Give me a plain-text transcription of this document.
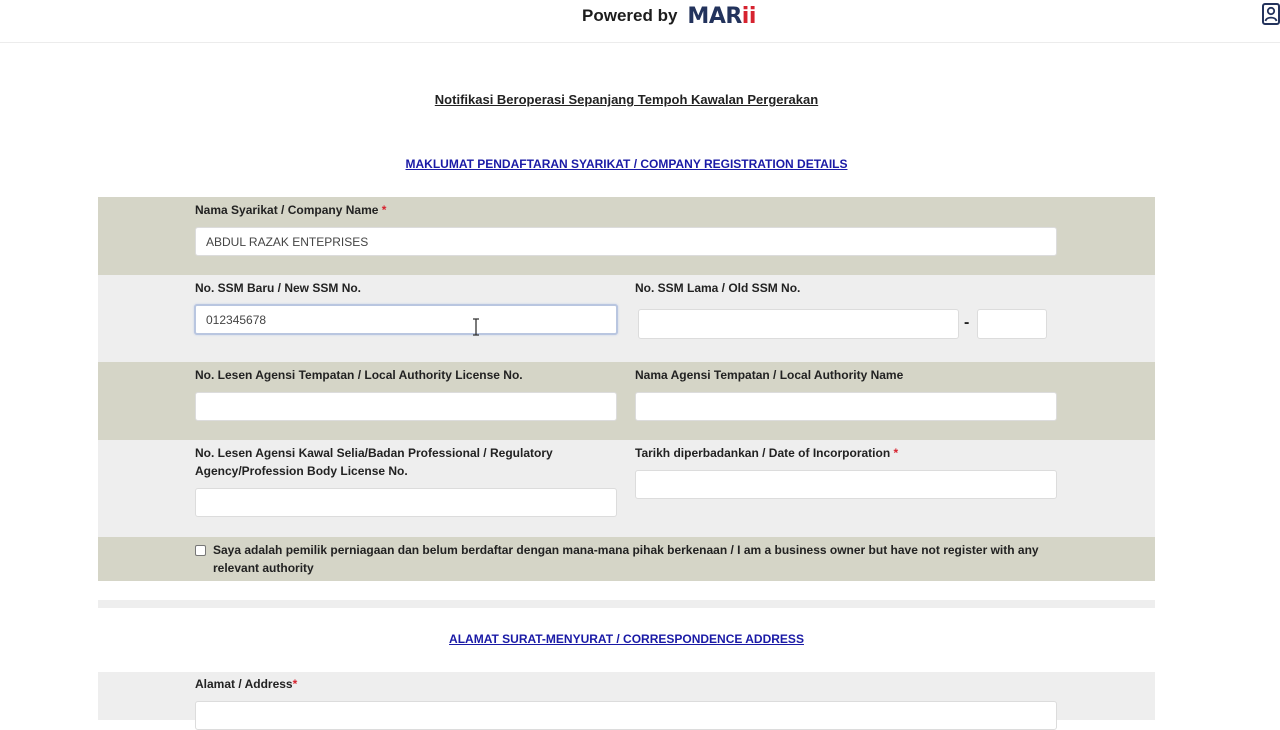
Powered by MARii
Notifikasi Beroperasi Sepanjang Tempoh Kawalan Pergerakan
MAKLUMAT PENDAFTARAN SYARIKAT / COMPANY REGISTRATION DETAILS
Nama Syarikat / Company Name *
ABDUL RAZAK ENTEPRISES
No. SSM Baru / New SSM No.
012345678	No. SSM Lama / Old SSM No.
-
No. Lesen Agensi Tempatan / Local Authority License No.	Nama Agensi Tempatan / Local Authority Name
No. Lesen Agensi Kawal Selia/Badan Professional / Regulatory
Agency/Profession Body License No.
Tarikh diperbadankan / Date of Incorporation *
Saya adalah pemilik perniagaan dan belum berdaftar dengan mana-mana pihak berkenaan / I am a business owner but have not register with any
relevant authority
ALAMAT SURAT-MENYURAT / CORRESPONDENCE ADDRESS
Alamat / Address*
